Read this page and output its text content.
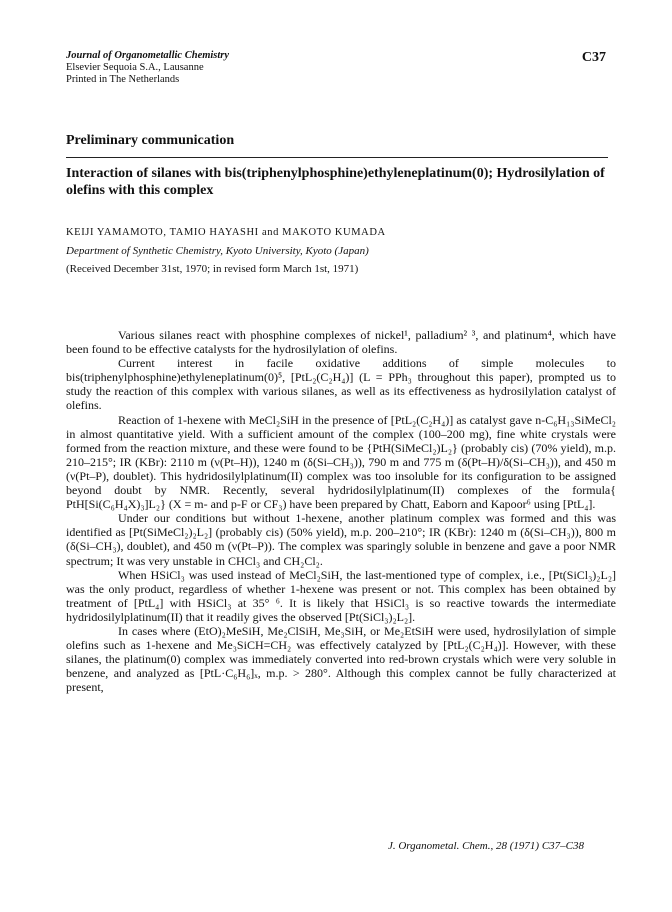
Journal of Organometallic Chemistry
Elsevier Sequoia S.A., Lausanne
Printed in The Netherlands
C37
Preliminary communication
Interaction of silanes with bis(triphenylphosphine)ethyleneplatinum(0); Hydrosilylation of olefins with this complex
KEIJI YAMAMOTO, TAMIO HAYASHI and MAKOTO KUMADA
Department of Synthetic Chemistry, Kyoto University, Kyoto (Japan)
(Received December 31st, 1970; in revised form March 1st, 1971)

Various silanes react with phosphine complexes of nickel¹, palladium² ³, and platinum⁴, which have been found to be effective catalysts for the hydrosilylation of olefins.

Current interest in facile oxidative additions of simple molecules to bis(triphenylphosphine)ethyleneplatinum(0)⁵, [PtL₂(C₂H₄)] (L = PPh₃ throughout this paper), prompted us to study the reaction of this complex with various silanes, as well as its effectiveness as hydrosilylation catalyst of olefins.

Reaction of 1-hexene with MeCl₂SiH in the presence of [PtL₂(C₂H₄)] as catalyst gave n-C₆H₁₃SiMeCl₂ in almost quantitative yield. With a sufficient amount of the complex (100–200 mg), fine white crystals were formed from the reaction mixture, and these were found to be {PtH(SiMeCl₂)L₂} (probably cis) (70% yield), m.p. 210–215°; IR (KBr): 2110 m (ν(Pt–H)), 1240 m (δ(Si–CH₃)), 790 m and 775 m (δ(Pt–H)/δ(Si–CH₃)), and 450 m (ν(Pt–P), doublet). This hydridosilylplatinum(II) complex was too insoluble for its configuration to be assigned beyond doubt by NMR. Recently, several hydridosilylplatinum(II) complexes of the formula{ PtH[Si(C₆H₄X)₃]L₂} (X = m- and p-F or CF₃) have been prepared by Chatt, Eaborn and Kapoor⁶ using [PtL₄].

Under our conditions but without 1-hexene, another platinum complex was formed and this was identified as [Pt(SiMeCl₂)₂L₂] (probably cis) (50% yield), m.p. 200–210°; IR (KBr): 1240 m (δ(Si–CH₃)), 800 m (δ(Si–CH₃), doublet), and 450 m (ν(Pt–P)). The complex was sparingly soluble in benzene and gave a poor NMR spectrum; It was very unstable in CHCl₃ and CH₂Cl₂.

When HSiCl₃ was used instead of MeCl₂SiH, the last-mentioned type of complex, i.e., [Pt(SiCl₃)₂L₂] was the only product, regardless of whether 1-hexene was present or not. This complex has been obtained by treatment of [PtL₄] with HSiCl₃ at 35° ⁶. It is likely that HSiCl₃ is so reactive towards the intermediate hydridosilylplatinum(II) that it readily gives the observed [Pt(SiCl₃)₂L₂].

In cases where (EtO)₂MeSiH, Me₂ClSiH, Me₃SiH, or Me₂EtSiH were used, hydrosilylation of simple olefins such as 1-hexene and Me₃SiCH=CH₂ was effectively catalyzed by [PtL₂(C₂H₄)]. However, with these silanes, the platinum(0) complex was immediately converted into red-brown crystals which were very soluble in benzene, and analyzed as [PtL·C₆H₆]ₓ, m.p. > 280°. Although this complex cannot be fully characterized at present,

J. Organometal. Chem., 28 (1971) C37–C38
